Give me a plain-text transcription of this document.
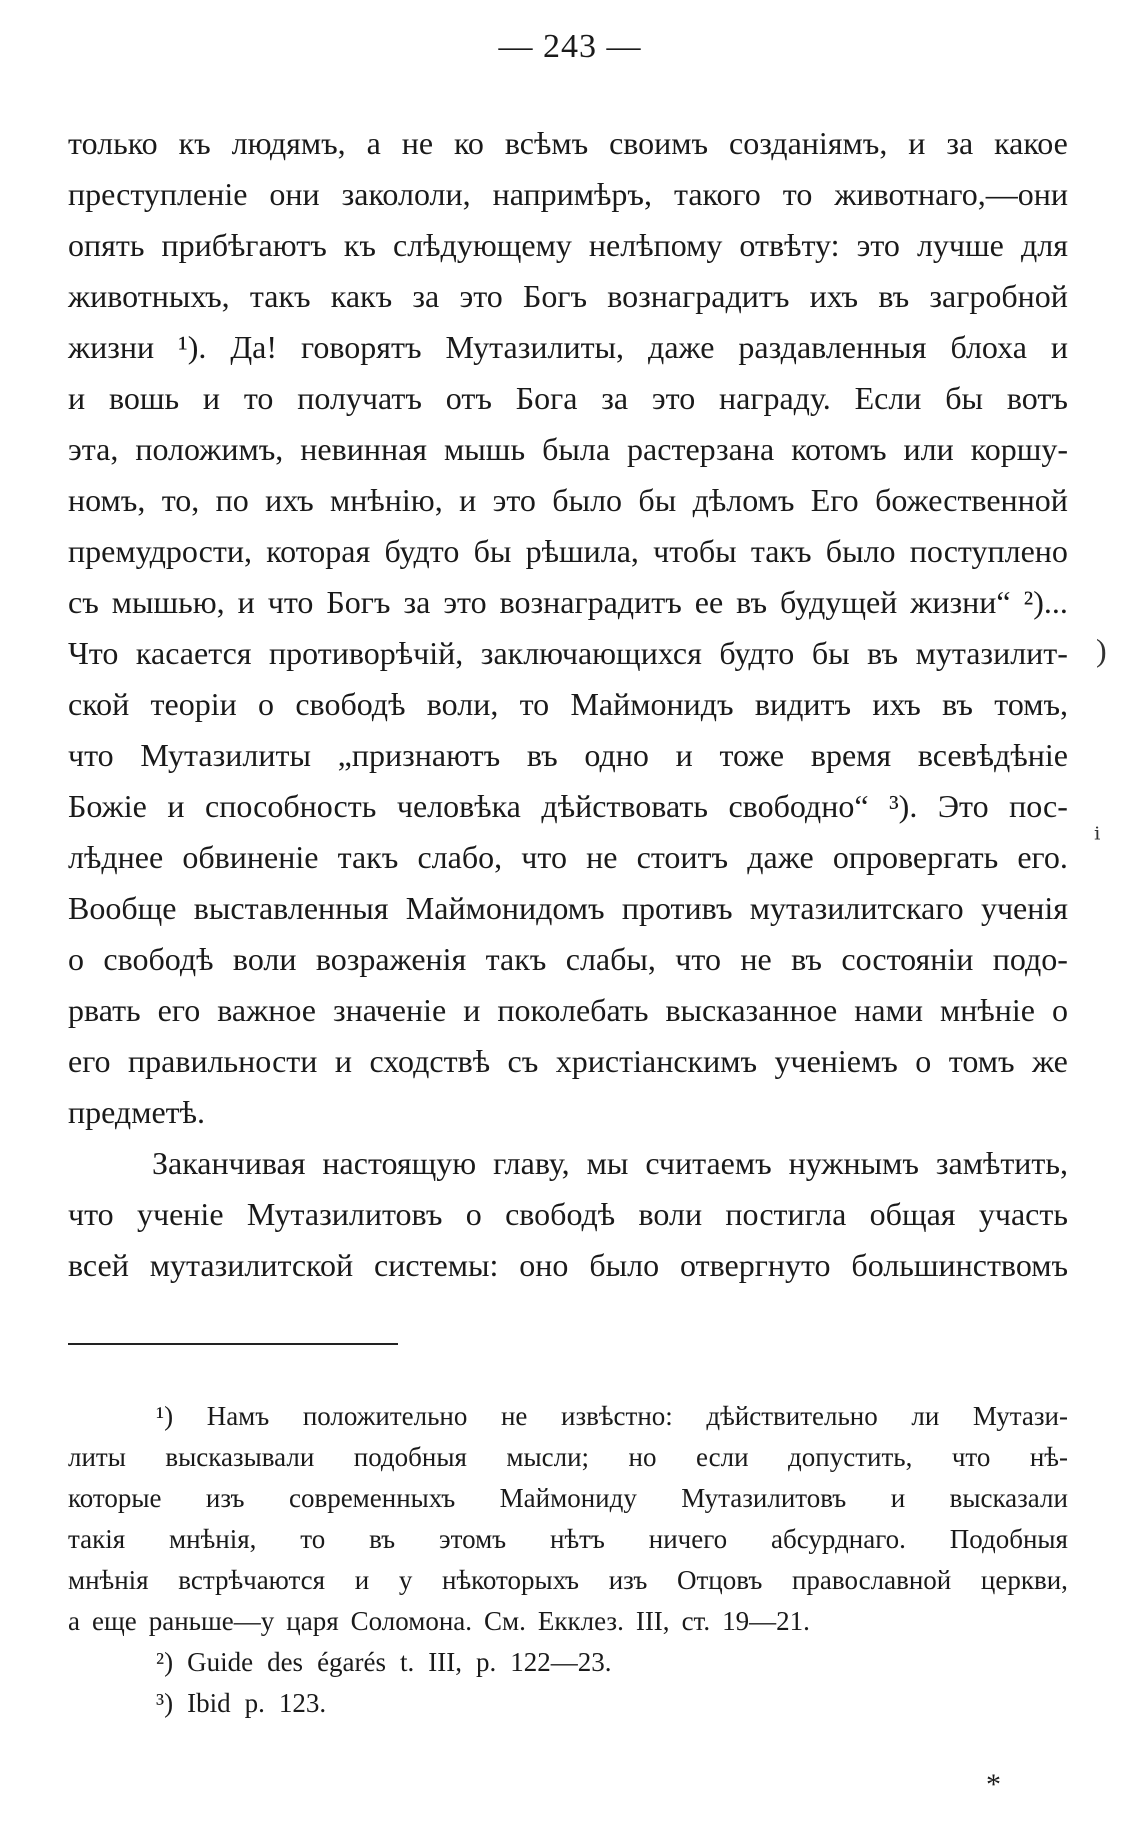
— 243 —
только къ людямъ, а не ко всѣмъ своимъ созданіямъ, и за какое
преступленіе они закололи, напримѣръ, такого то животнаго,—они
опять прибѣгаютъ къ слѣдующему нелѣпому отвѣту: это лучше для
животныхъ, такъ какъ за это Богъ вознаградитъ ихъ въ загробной
жизни ¹). Да! говорятъ Мутазилиты, даже раздавленныя блоха и
и вошь и то получатъ отъ Бога за это награду. Если бы вотъ
эта, положимъ, невинная мышь была растерзана котомъ или коршу-
номъ, то, по ихъ мнѣнію, и это было бы дѣломъ Его божественной
премудрости, которая будто бы рѣшила, чтобы такъ было поступлено
съ мышью, и что Богъ за это вознаградитъ ее въ будущей жизни“ ²)...
Что касается противорѣчій, заключающихся будто бы въ мутазилит-
ской теоріи о свободѣ воли, то Маймонидъ видитъ ихъ въ томъ,
что Мутазилиты „признаютъ въ одно и тоже время всевѣдѣніе
Божіе и способность человѣка дѣйствовать свободно“ ³). Это пос-
лѣднее обвиненіе такъ слабо, что не стоитъ даже опровергать его.
Вообще выставленныя Маймонидомъ противъ мутазилитскаго ученія
о свободѣ воли возраженія такъ слабы, что не въ состояніи подо-
рвать его важное значеніе и поколебать высказанное нами мнѣніе о
его правильности и сходствѣ съ христіанскимъ ученіемъ о томъ же
предметѣ.
Заканчивая настоящую главу, мы считаемъ нужнымъ замѣтить,
что ученіе Мутазилитовъ о свободѣ воли постигла общая участь
всей мутазилитской системы: оно было отвергнуто большинствомъ
¹) Намъ положительно не извѣстно: дѣйствительно ли Мутази-
литы высказывали подобныя мысли; но если допустить, что нѣ-
которые изъ современныхъ Маймониду Мутазилитовъ и высказали
такія мнѣнія, то въ этомъ нѣтъ ничего абсурднаго. Подобныя
мнѣнія встрѣчаются и у нѣкоторыхъ изъ Отцовъ православной церкви,
а еще раньше—у царя Соломона. См. Екклез. III, ст. 19—21.
²) Guide des égarés t. III, p. 122—23.
³) Ibid p. 123.
)
ⁱ
*
